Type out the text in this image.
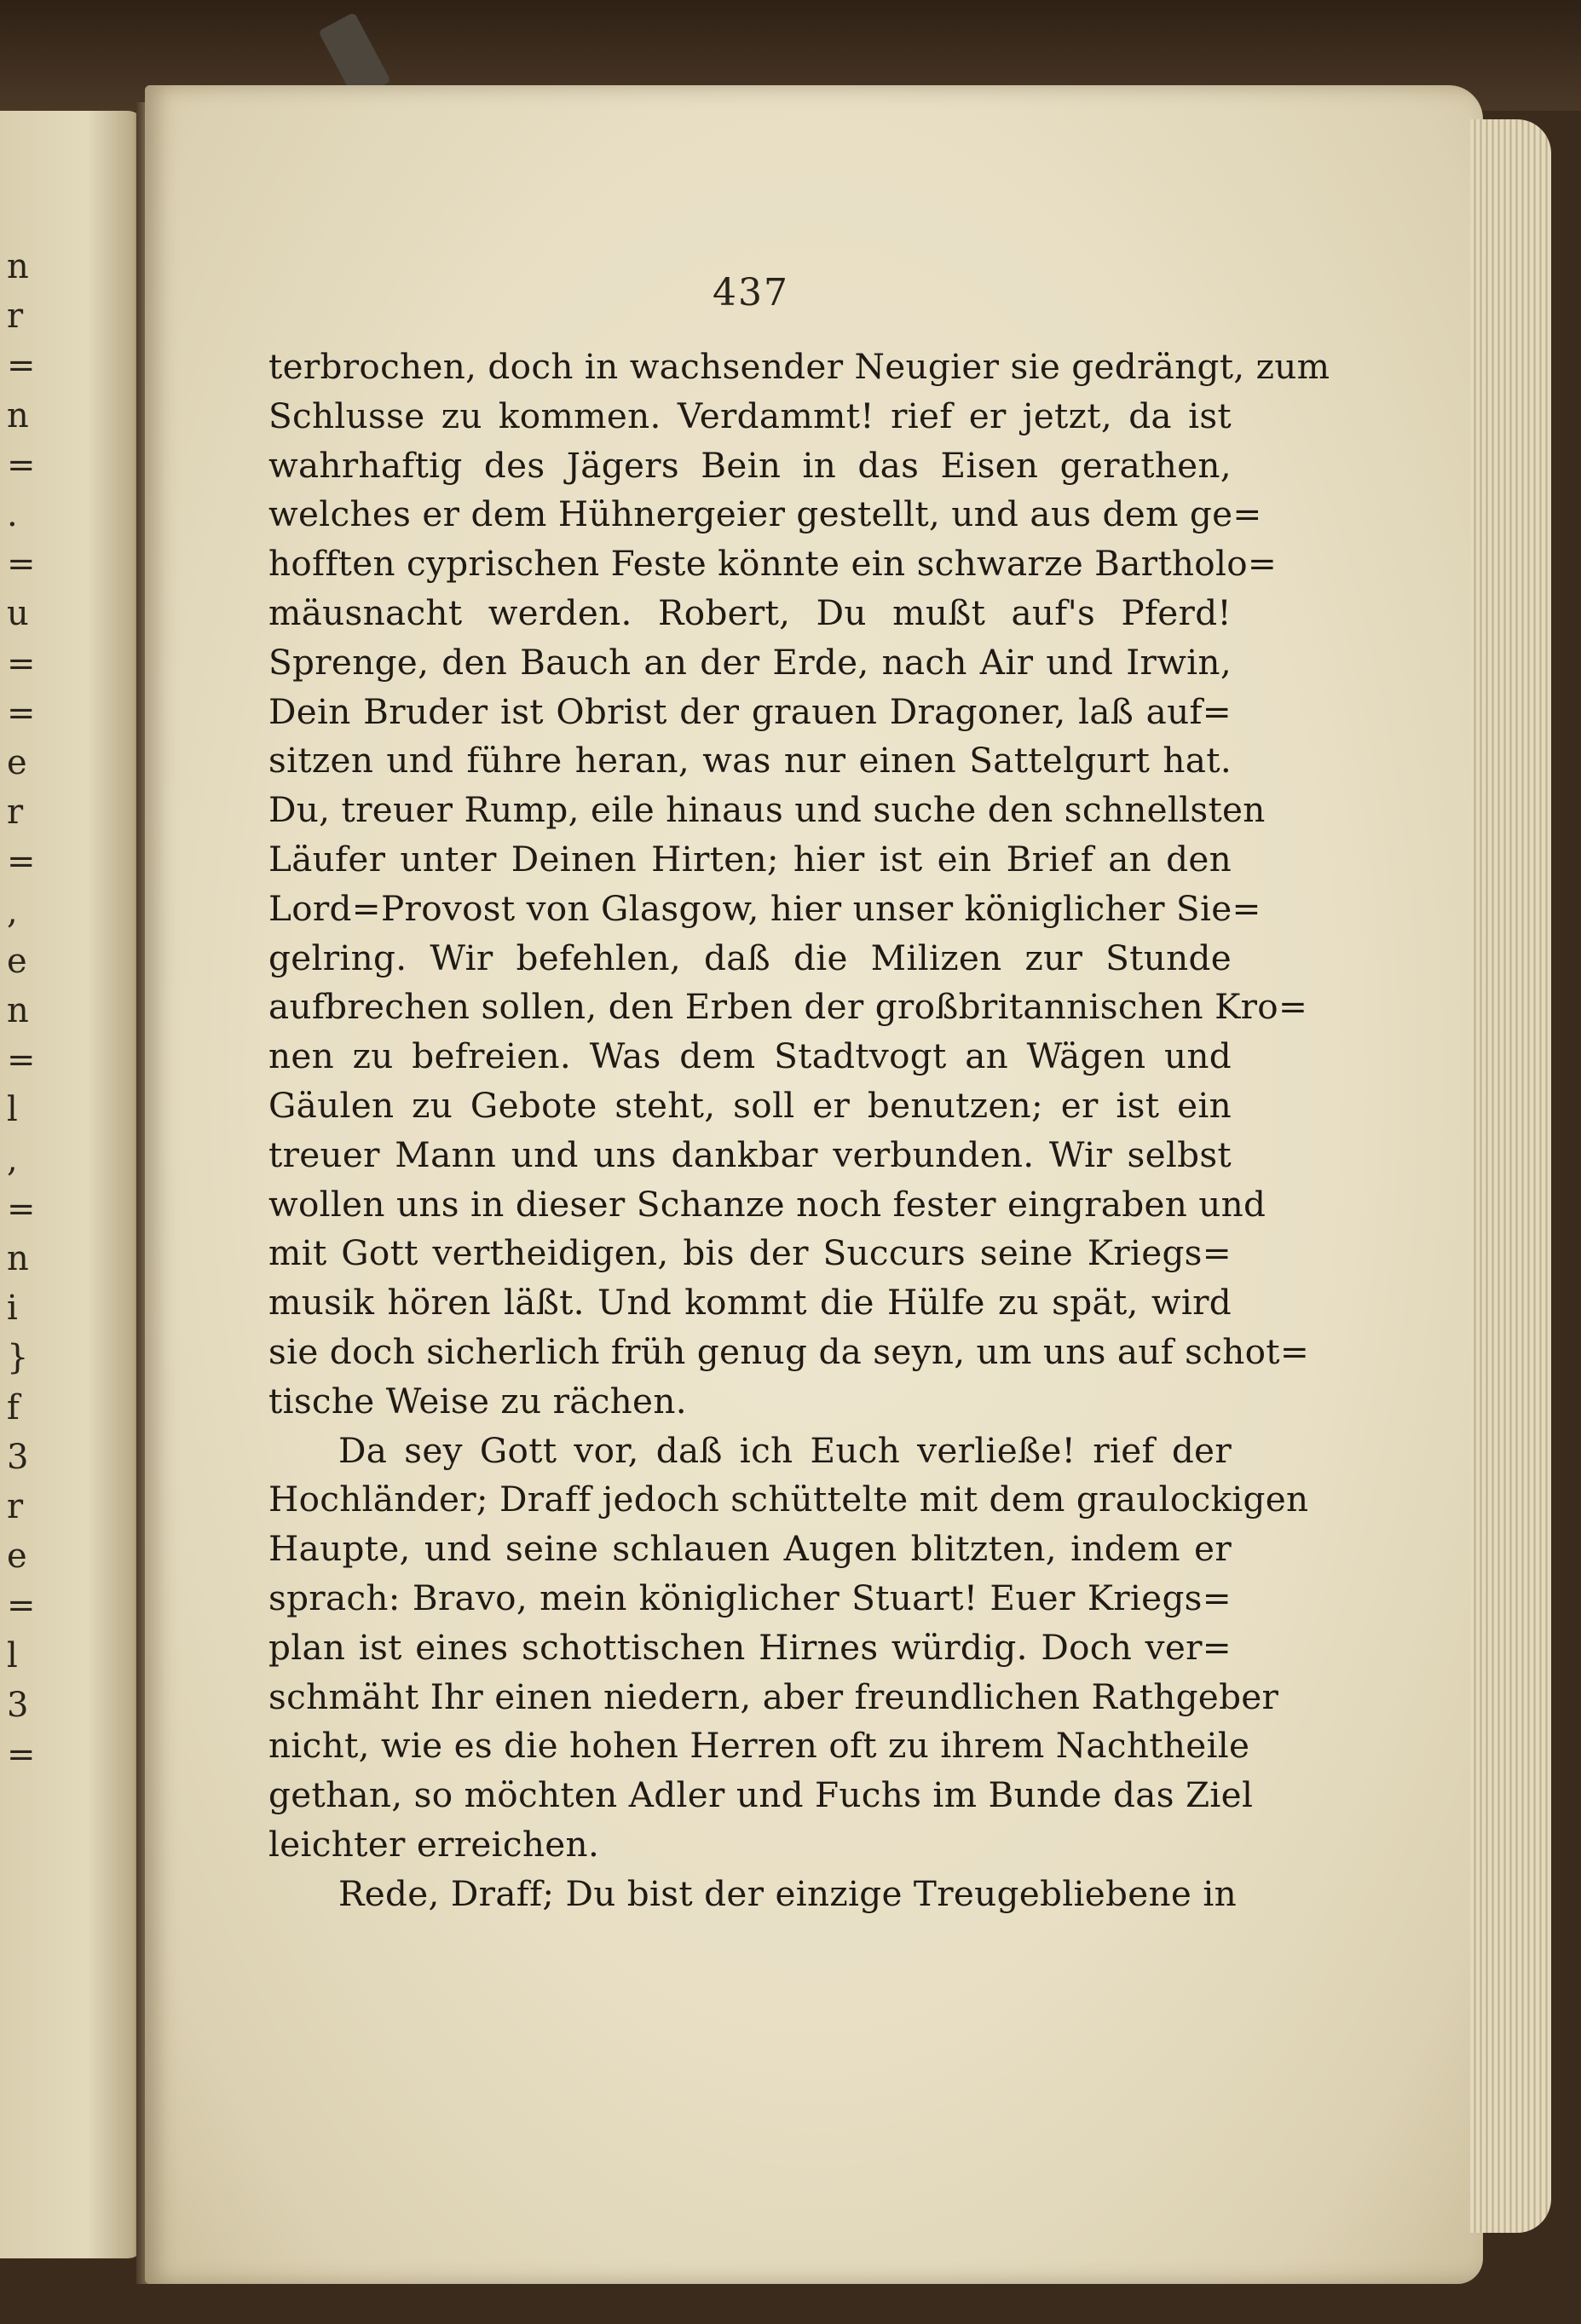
n
r
=
n
=
.
=
u
=
=
e
r
=
,
e
n
=
l
,
=
n
i
}
f
3
r
e
=
l
3
=
437
terbrochen, doch in wachsender Neugier sie gedrängt, zum
Schlusse zu kommen. Verdammt! rief er jetzt, da ist
wahrhaftig des Jägers Bein in das Eisen gerathen,
welches er dem Hühnergeier gestellt, und aus dem ge=
hofften cyprischen Feste könnte ein schwarze Bartholo=
mäusnacht werden. Robert, Du mußt auf's Pferd!
Sprenge, den Bauch an der Erde, nach Air und Irwin,
Dein Bruder ist Obrist der grauen Dragoner, laß auf=
sitzen und führe heran, was nur einen Sattelgurt hat.
Du, treuer Rump, eile hinaus und suche den schnellsten
Läufer unter Deinen Hirten; hier ist ein Brief an den
Lord=Provost von Glasgow, hier unser königlicher Sie=
gelring. Wir befehlen, daß die Milizen zur Stunde
aufbrechen sollen, den Erben der großbritannischen Kro=
nen zu befreien. Was dem Stadtvogt an Wägen und
Gäulen zu Gebote steht, soll er benutzen; er ist ein
treuer Mann und uns dankbar verbunden. Wir selbst
wollen uns in dieser Schanze noch fester eingraben und
mit Gott vertheidigen, bis der Succurs seine Kriegs=
musik hören läßt. Und kommt die Hülfe zu spät, wird
sie doch sicherlich früh genug da seyn, um uns auf schot=
tische Weise zu rächen.
Da sey Gott vor, daß ich Euch verließe! rief der
Hochländer; Draff jedoch schüttelte mit dem graulockigen
Haupte, und seine schlauen Augen blitzten, indem er
sprach: Bravo, mein königlicher Stuart! Euer Kriegs=
plan ist eines schottischen Hirnes würdig. Doch ver=
schmäht Ihr einen niedern, aber freundlichen Rathgeber
nicht, wie es die hohen Herren oft zu ihrem Nachtheile
gethan, so möchten Adler und Fuchs im Bunde das Ziel
leichter erreichen.
Rede, Draff; Du bist der einzige Treugebliebene in
